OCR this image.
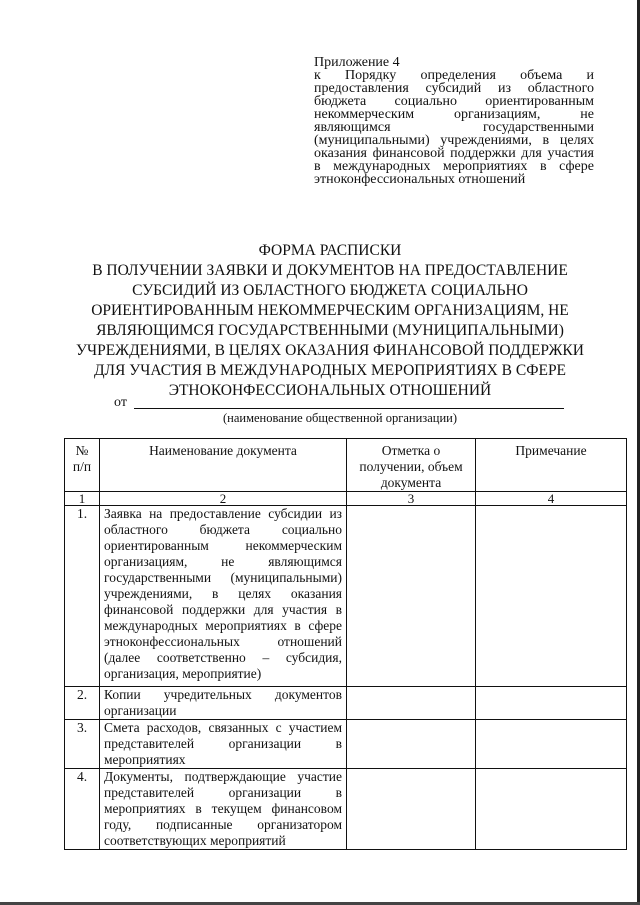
Приложение 4
к Порядку определения объема и предоставления субсидий из областного бюджета социально ориентированным некоммерческим организациям, не являющимся государственными (муниципальными) учреждениями, в целях оказания финансовой поддержки для участия в международных мероприятиях в сфере
этноконфессиональных отношений
ФОРМА РАСПИСКИ
В ПОЛУЧЕНИИ ЗАЯВКИ И ДОКУМЕНТОВ НА ПРЕДОСТАВЛЕНИЕ СУБСИДИЙ ИЗ ОБЛАСТНОГО БЮДЖЕТА СОЦИАЛЬНО ОРИЕНТИРОВАННЫМ НЕКОММЕРЧЕСКИМ ОРГАНИЗАЦИЯМ, НЕ ЯВЛЯЮЩИМСЯ ГОСУДАРСТВЕННЫМИ (МУНИЦИПАЛЬНЫМИ) УЧРЕЖДЕНИЯМИ, В ЦЕЛЯХ ОКАЗАНИЯ ФИНАНСОВОЙ ПОДДЕРЖКИ ДЛЯ УЧАСТИЯ В МЕЖДУНАРОДНЫХ МЕРОПРИЯТИЯХ В СФЕРЕ ЭТНОКОНФЕССИОНАЛЬНЫХ ОТНОШЕНИЙ
от
(наименование общественной организации)
№ п/п	Наименование документа	Отметка о получении, объем документа	Примечание
1	2	3	4
1.	Заявка на предоставление субсидии из областного бюджета социально ориентированным некоммерческим организациям, не являющимся государственными (муниципальными) учреждениями, в целях оказания финансовой поддержки для участия в международных мероприятиях в сфере этноконфессиональных отношений (далее соответственно – субсидия, организация, мероприятие)		
2.	Копии учредительных документов организации		
3.	Смета расходов, связанных с участием представителей организации в мероприятиях		
4.	Документы, подтверждающие участие представителей организации в мероприятиях в текущем финансовом году, подписанные организатором соответствующих мероприятий		
